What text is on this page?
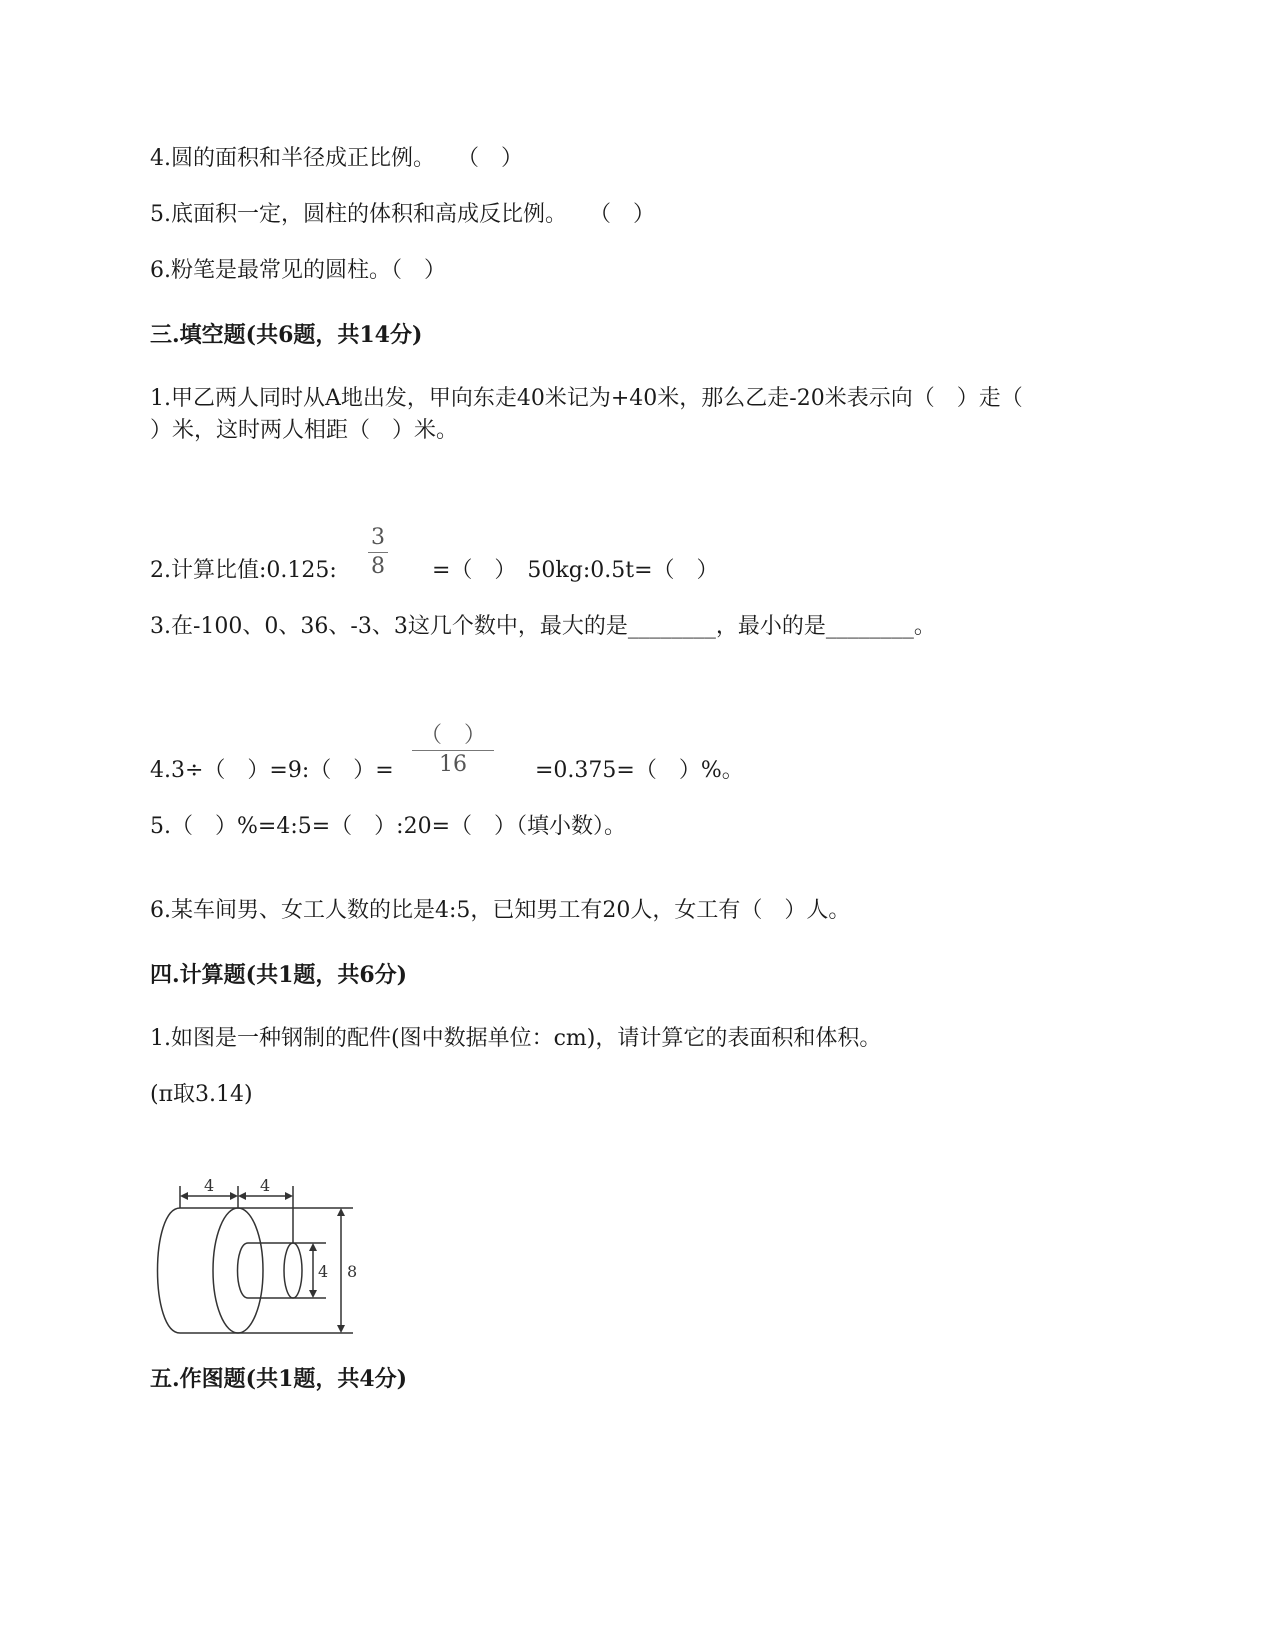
4.圆的面积和半径成正比例。　　（　）
5.底面积一定，圆柱的体积和高成反比例。　　（　）
6.粉笔是最常见的圆柱。（　）
三.填空题(共6题，共14分)
1.甲乙两人同时从A地出发，甲向东走40米记为+40米，那么乙走-20米表示向（　）走（
）米，这时两人相距（　）米。
2.计算比值:0.125:
3
8 =（　）　50kg:0.5t=（　）
3.在-100、0、36、-3、3这几个数中，最大的是________，最小的是________。
4.3÷（　）=9:（　）=
（　）
16	=0.375=（　）%。
5.（　）%=4:5=（　）:20=（　）（填小数）。
6.某车间男、女工人数的比是4:5，已知男工有20人，女工有（　）人。
四.计算题(共1题，共6分)
1.如图是一种钢制的配件(图中数据单位：cm)，请计算它的表面积和体积。
(π取3.14)
4	4
4 8
五.作图题(共1题，共4分)
